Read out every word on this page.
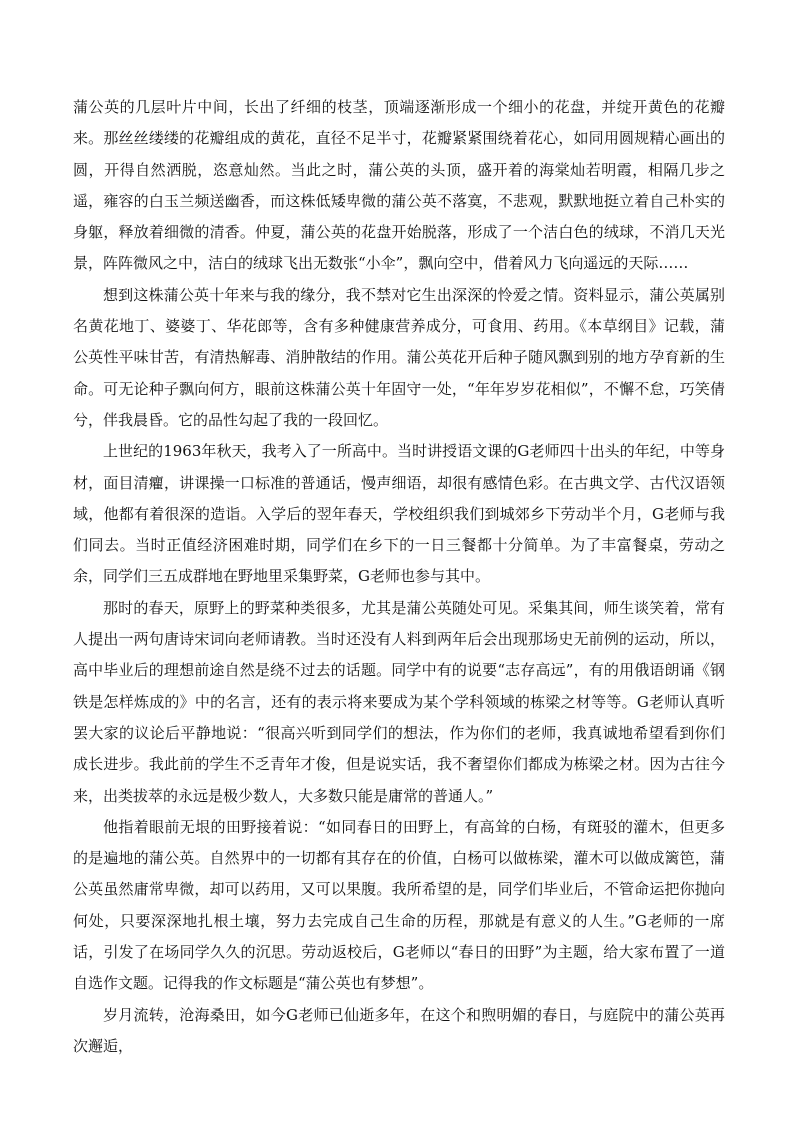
蒲公英的几层叶片中间，长出了纤细的枝茎，顶端逐渐形成一个细小的花盘，并绽开黄色的花瓣来。那丝丝缕缕的花瓣组成的黄花，直径不足半寸，花瓣紧紧围绕着花心，如同用圆规精心画出的圆，开得自然洒脱，恣意灿然。当此之时，蒲公英的头顶，盛开着的海棠灿若明霞，相隔几步之遥，雍容的白玉兰频送幽香，而这株低矮卑微的蒲公英不落寞，不悲观，默默地挺立着自己朴实的身躯，释放着细微的清香。仲夏，蒲公英的花盘开始脱落，形成了一个洁白色的绒球，不消几天光景，阵阵微风之中，洁白的绒球飞出无数张“小伞”，飘向空中，借着风力飞向遥远的天际……

想到这株蒲公英十年来与我的缘分，我不禁对它生出深深的怜爱之情。资料显示，蒲公英属别名黄花地丁、婆婆丁、华花郎等，含有多种健康营养成分，可食用、药用。《本草纲目》记载，蒲公英性平味甘苦，有清热解毒、消肿散结的作用。蒲公英花开后种子随风飘到别的地方孕育新的生命。可无论种子飘向何方，眼前这株蒲公英十年固守一处，“年年岁岁花相似”，不懈不怠，巧笑倩兮，伴我晨昏。它的品性勾起了我的一段回忆。

上世纪的1963年秋天，我考入了一所高中。当时讲授语文课的G老师四十出头的年纪，中等身材，面目清癯，讲课操一口标准的普通话，慢声细语，却很有感情色彩。在古典文学、古代汉语领域，他都有着很深的造诣。入学后的翌年春天，学校组织我们到城郊乡下劳动半个月，G老师与我们同去。当时正值经济困难时期，同学们在乡下的一日三餐都十分简单。为了丰富餐桌，劳动之余，同学们三五成群地在野地里采集野菜，G老师也参与其中。

那时的春天，原野上的野菜种类很多，尤其是蒲公英随处可见。采集其间，师生谈笑着，常有人提出一两句唐诗宋词向老师请教。当时还没有人料到两年后会出现那场史无前例的运动，所以，高中毕业后的理想前途自然是绕不过去的话题。同学中有的说要“志存高远”，有的用俄语朗诵《钢铁是怎样炼成的》中的名言，还有的表示将来要成为某个学科领域的栋梁之材等等。G老师认真听罢大家的议论后平静地说：“很高兴听到同学们的想法，作为你们的老师，我真诚地希望看到你们成长进步。我此前的学生不乏青年才俊，但是说实话，我不奢望你们都成为栋梁之材。因为古往今来，出类拔萃的永远是极少数人，大多数只能是庸常的普通人。”

他指着眼前无垠的田野接着说：“如同春日的田野上，有高耸的白杨，有斑驳的灌木，但更多的是遍地的蒲公英。自然界中的一切都有其存在的价值，白杨可以做栋梁，灌木可以做成篱笆，蒲公英虽然庸常卑微，却可以药用，又可以果腹。我所希望的是，同学们毕业后，不管命运把你抛向何处，只要深深地扎根土壤，努力去完成自己生命的历程，那就是有意义的人生。”G老师的一席话，引发了在场同学久久的沉思。劳动返校后，G老师以“春日的田野”为主题，给大家布置了一道自选作文题。记得我的作文标题是“蒲公英也有梦想”。

岁月流转，沧海桑田，如今G老师已仙逝多年，在这个和煦明媚的春日，与庭院中的蒲公英再次邂逅，
